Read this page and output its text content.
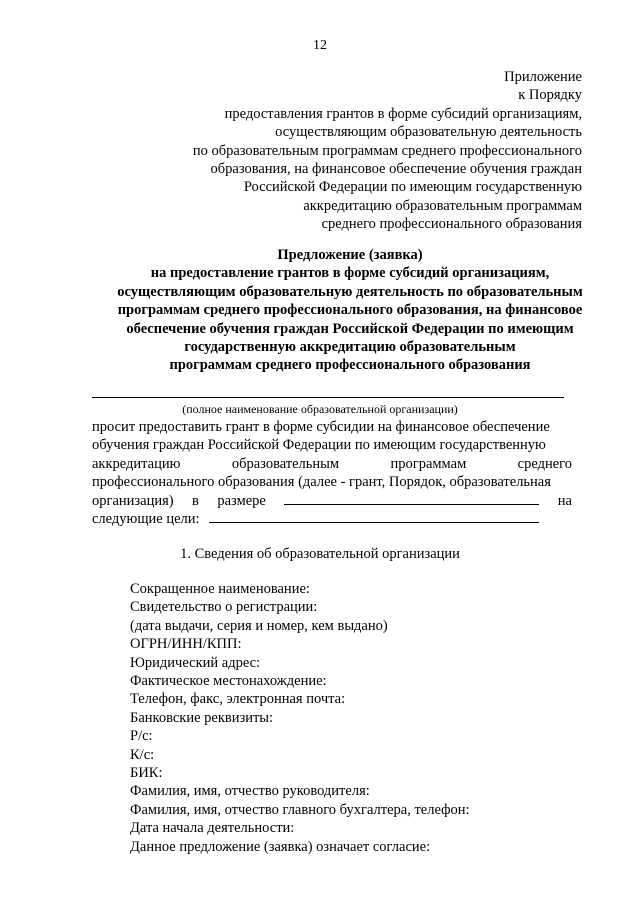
12
Приложение
к Порядку
предоставления грантов в форме субсидий организациям,
осуществляющим образовательную деятельность
по образовательным программам среднего профессионального
образования, на финансовое обеспечение обучения граждан
Российской Федерации по имеющим государственную
аккредитацию образовательным программам
среднего профессионального образования
Предложение (заявка)
на предоставление грантов в форме субсидий организациям,
осуществляющим образовательную деятельность по образовательным
программам среднего профессионального образования, на финансовое
обеспечение обучения граждан Российской Федерации по имеющим
государственную аккредитацию образовательным
программам среднего профессионального образования
(полное наименование образовательной организации)
просит предоставить грант в форме субсидии на финансовое обеспечение
обучения граждан Российской Федерации по имеющим государственную
аккредитацию	образовательным	программам	среднего
профессионального образования (далее - грант, Порядок, образовательная
организация) в размере	на
следующие цели:
1. Сведения об образовательной организации
Сокращенное наименование:
Свидетельство о регистрации:
(дата выдачи, серия и номер, кем выдано)
ОГРН/ИНН/КПП:
Юридический адрес:
Фактическое местонахождение:
Телефон, факс, электронная почта:
Банковские реквизиты:
Р/с:
К/с:
БИК:
Фамилия, имя, отчество руководителя:
Фамилия, имя, отчество главного бухгалтера, телефон:
Дата начала деятельности:
Данное предложение (заявка) означает согласие:
